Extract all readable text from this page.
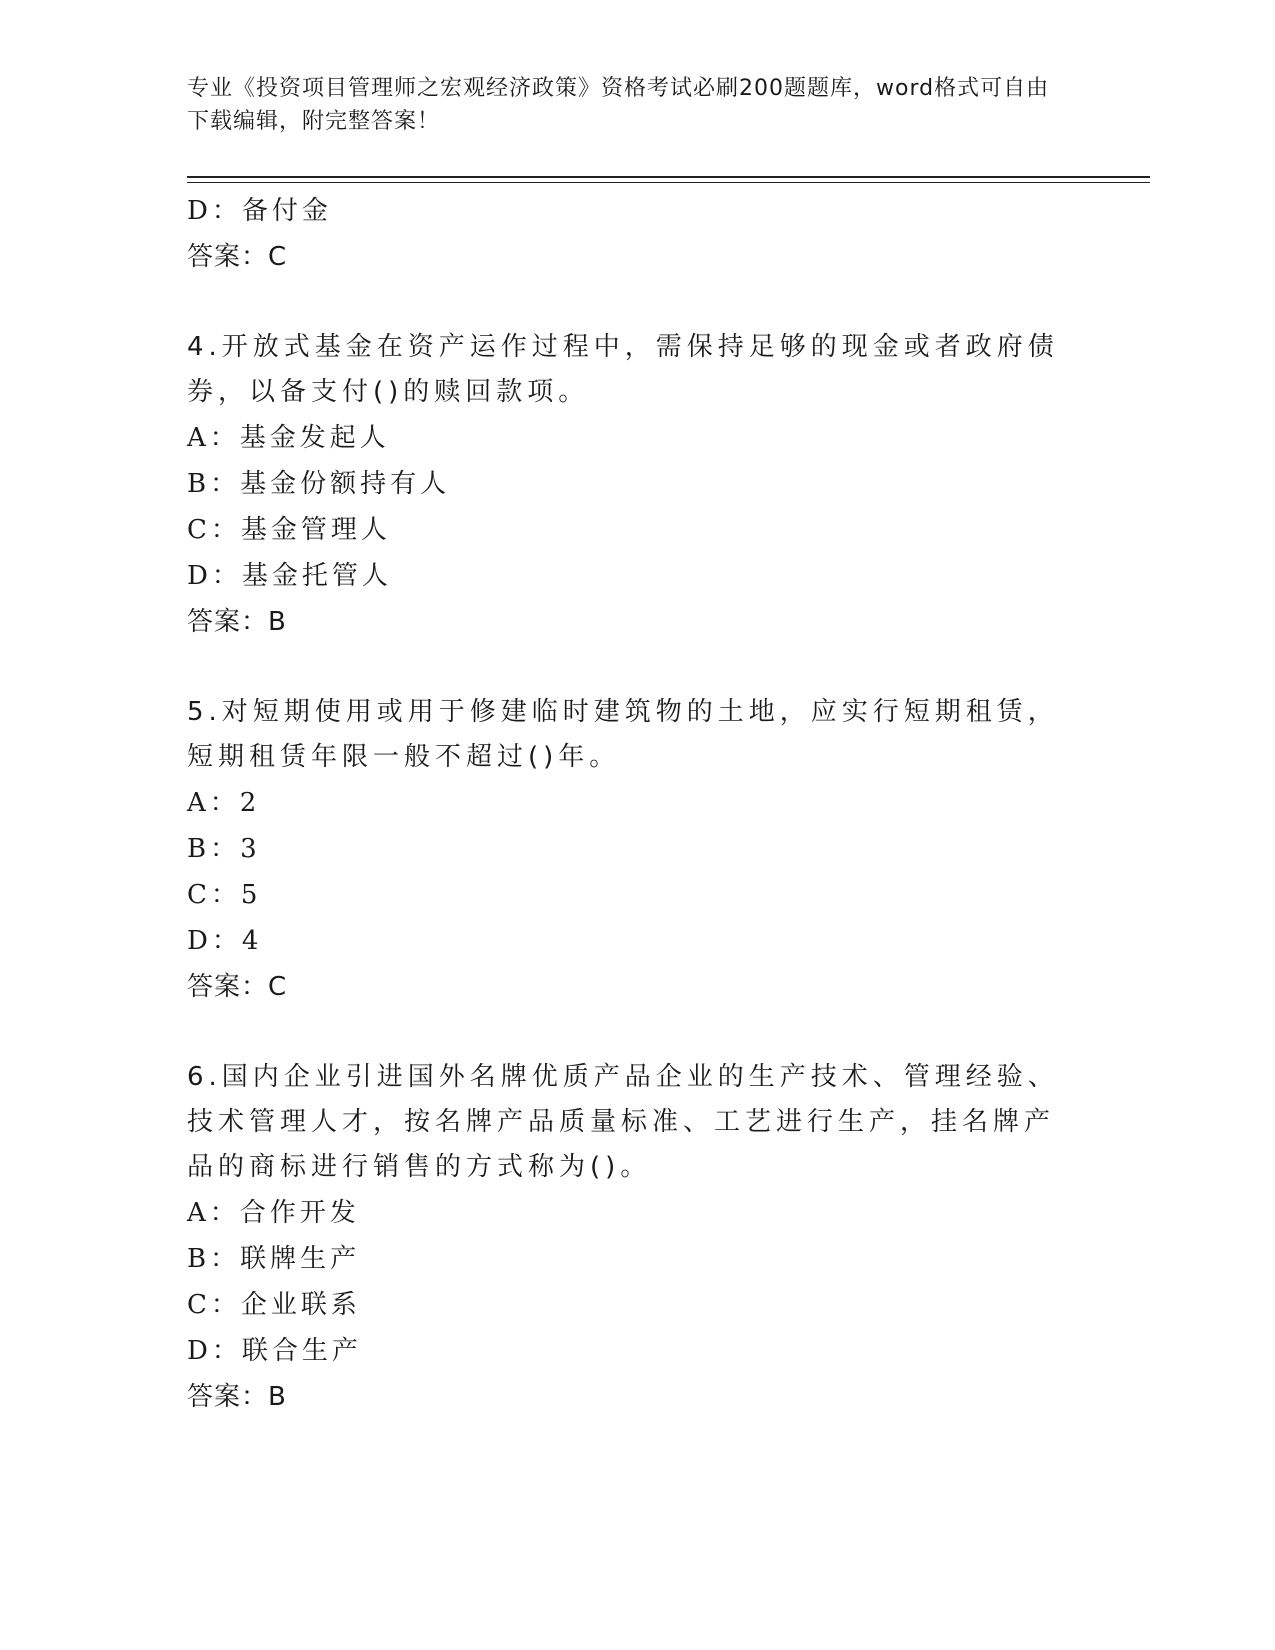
专业《投资项目管理师之宏观经济政策》资格考试必刷200题题库，word格式可自由下载编辑，附完整答案！
D：备付金
答案：C
4.开放式基金在资产运作过程中，需保持足够的现金或者政府债券，以备支付()的赎回款项。
A：基金发起人
B：基金份额持有人
C：基金管理人
D：基金托管人
答案：B
5.对短期使用或用于修建临时建筑物的土地，应实行短期租赁，短期租赁年限一般不超过()年。
A：2
B：3
C：5
D：4
答案：C
6.国内企业引进国外名牌优质产品企业的生产技术、管理经验、技术管理人才，按名牌产品质量标准、工艺进行生产，挂名牌产品的商标进行销售的方式称为()。
A：合作开发
B：联牌生产
C：企业联系
D：联合生产
答案：B
